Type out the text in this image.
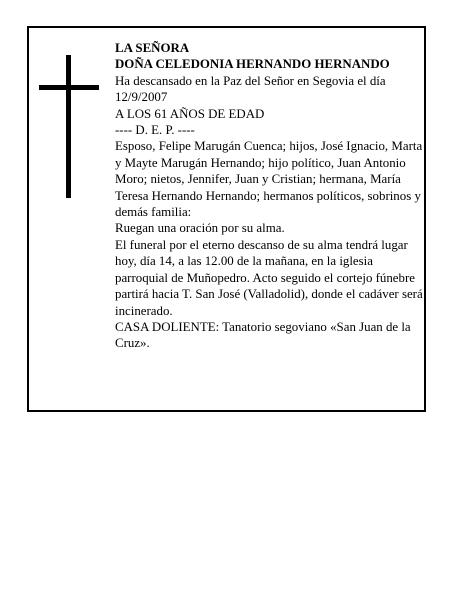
LA SEÑORA

DOÑA CELEDONIA HERNANDO HERNANDO

Ha descansado en la Paz del Señor en Segovia el día 12/9/2007

A LOS 61 AÑOS DE EDAD

---- D. E. P. ----

Esposo, Felipe Marugán Cuenca; hijos, José Ignacio, Marta y Mayte Marugán Hernando; hijo político, Juan Antonio Moro; nietos, Jennifer, Juan y Cristian; hermana, María Teresa Hernando Hernando; hermanos políticos, sobrinos y demás familia:

Ruegan una oración por su alma.

El funeral por el eterno descanso de su alma tendrá lugar hoy, día 14, a las 12.00 de la mañana, en la iglesia parroquial de Muñopedro. Acto seguido el cortejo fúnebre partirá hacia T. San José (Valladolid), donde el cadáver será incinerado.

CASA DOLIENTE: Tanatorio segoviano «San Juan de la Cruz».
